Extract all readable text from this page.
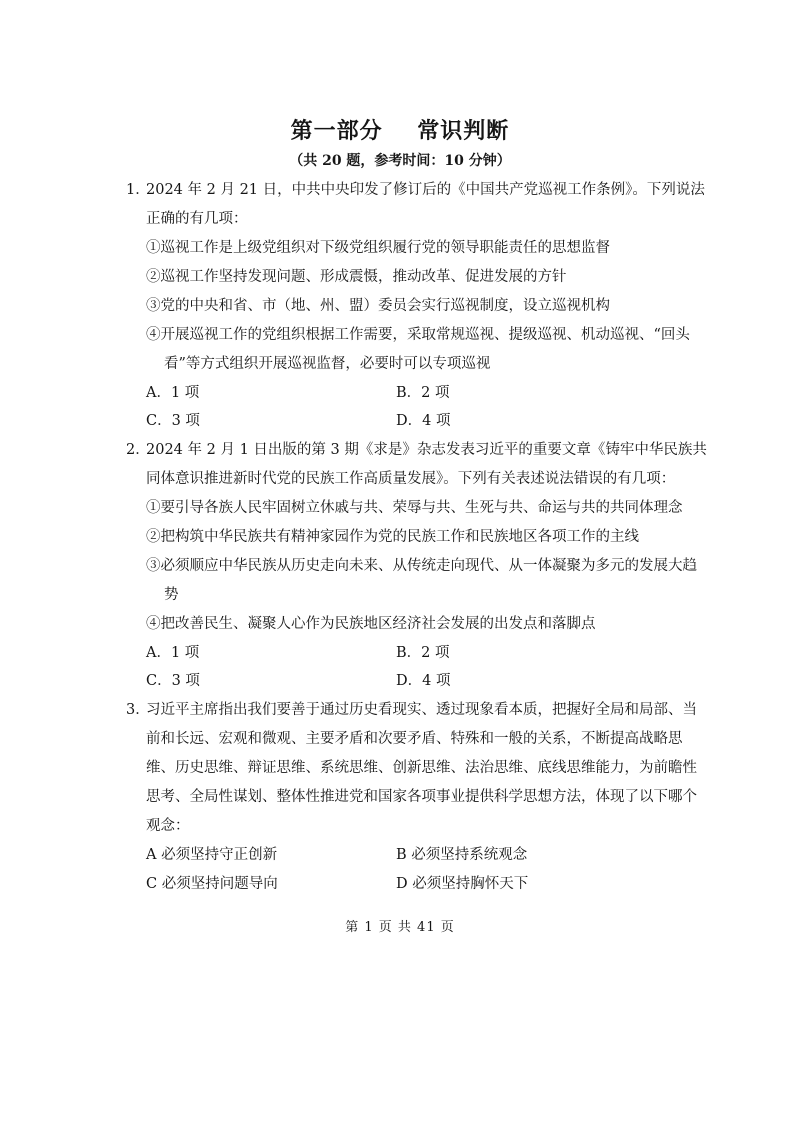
第一部分    常识判断
（共 20 题，参考时间：10 分钟）
1．2024 年 2 月 21 日，中共中央印发了修订后的《中国共产党巡视工作条例》。下列说法
正确的有几项：
①巡视工作是上级党组织对下级党组织履行党的领导职能责任的思想监督
②巡视工作坚持发现问题、形成震慑，推动改革、促进发展的方针
③党的中央和省、市（地、州、盟）委员会实行巡视制度，设立巡视机构
④开展巡视工作的党组织根据工作需要，采取常规巡视、提级巡视、机动巡视、“回头
看”等方式组织开展巡视监督，必要时可以专项巡视
A．1 项	B．2 项
C．3 项	D．4 项
2．2024 年 2 月 1 日出版的第 3 期《求是》杂志发表习近平的重要文章《铸牢中华民族共
同体意识推进新时代党的民族工作高质量发展》。下列有关表述说法错误的有几项：
①要引导各族人民牢固树立休戚与共、荣辱与共、生死与共、命运与共的共同体理念
②把构筑中华民族共有精神家园作为党的民族工作和民族地区各项工作的主线
③必须顺应中华民族从历史走向未来、从传统走向现代、从一体凝聚为多元的发展大趋
势
④把改善民生、凝聚人心作为民族地区经济社会发展的出发点和落脚点
A．1 项	B．2 项
C．3 项	D．4 项
3．习近平主席指出我们要善于通过历史看现实、透过现象看本质，把握好全局和局部、当
前和长远、宏观和微观、主要矛盾和次要矛盾、特殊和一般的关系，不断提高战略思
维、历史思维、辩证思维、系统思维、创新思维、法治思维、底线思维能力，为前瞻性
思考、全局性谋划、整体性推进党和国家各项事业提供科学思想方法，体现了以下哪个
观念：
A 必须坚持守正创新	B 必须坚持系统观念
C 必须坚持问题导向	D 必须坚持胸怀天下
第 1 页 共 41 页
